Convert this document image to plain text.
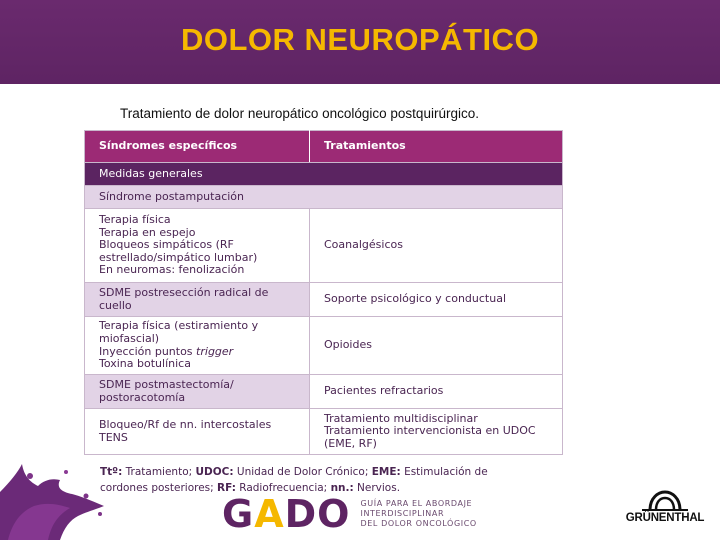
DOLOR NEUROPÁTICO
Tratamiento de dolor neuropático oncológico postquirúrgico.
Síndromes específicos	Tratamientos
Medidas generales	
Síndrome postamputación	

Terapia física
Terapia en espejo
Bloqueos simpáticos (RF
estrellado/simpático lumbar)
En neuromas: fenolización	Coanalgésicos

SDME postresección radical de
cuello	Soporte psicológico y conductual

Terapia física (estiramiento y
miofascial)
Inyección puntos trigger
Toxina botulínica	Opioides

SDME postmastectomía/
postoracotomía	Pacientes refractarios

Bloqueo/Rf de nn. intercostales
TENS	Tratamiento multidisciplinar
Tratamiento intervencionista en UDOC
(EME, RF)
Ttº: Tratamiento; UDOC: Unidad de Dolor Crónico; EME: Estimulación de cordones posteriores; RF: Radiofrecuencia; nn.: Nervios.
GADO GUÍA PARA EL ABORDAJE
INTERDISCIPLINAR
DEL DOLOR ONCOLÓGICO	GRÜNENTHAL
